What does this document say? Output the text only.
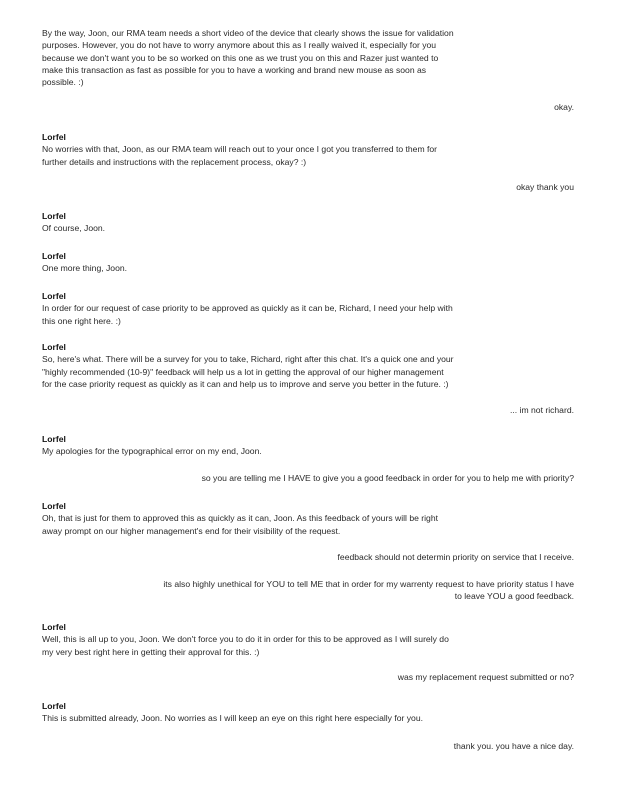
By the way, Joon, our RMA team needs a short video of the device that clearly shows the issue for validation
purposes. However, you do not have to worry anymore about this as I really waived it, especially for you
because we don't want you to be so worked on this one as we trust you on this and Razer just wanted to
make this transaction as fast as possible for you to have a working and brand new mouse as soon as
possible. :)
okay.
Lorfel
No worries with that, Joon, as our RMA team will reach out to your once I got you transferred to them for
further details and instructions with the replacement process, okay? :)
okay thank you
Lorfel
Of course, Joon.
Lorfel
One more thing, Joon.
Lorfel
In order for our request of case priority to be approved as quickly as it can be, Richard, I need your help with
this one right here. :)
Lorfel
So, here's what. There will be a survey for you to take, Richard, right after this chat. It's a quick one and your
"highly recommended (10-9)" feedback will help us a lot in getting the approval of our higher management
for the case priority request as quickly as it can and help us to improve and serve you better in the future. :)
... im not richard.
Lorfel
My apologies for the typographical error on my end, Joon.
so you are telling me I HAVE to give you a good feedback in order for you to help me with priority?
Lorfel
Oh, that is just for them to approved this as quickly as it can, Joon. As this feedback of yours will be right
away prompt on our higher management's end for their visibility of the request.
feedback should not determin priority on service that I receive.
its also highly unethical for YOU to tell ME that in order for my warrenty request to have priority status I have
to leave YOU a good feedback.
Lorfel
Well, this is all up to you, Joon. We don't force you to do it in order for this to be approved as I will surely do
my very best right here in getting their approval for this. :)
was my replacement request submitted or no?
Lorfel
This is submitted already, Joon. No worries as I will keep an eye on this right here especially for you.
thank you. you have a nice day.
